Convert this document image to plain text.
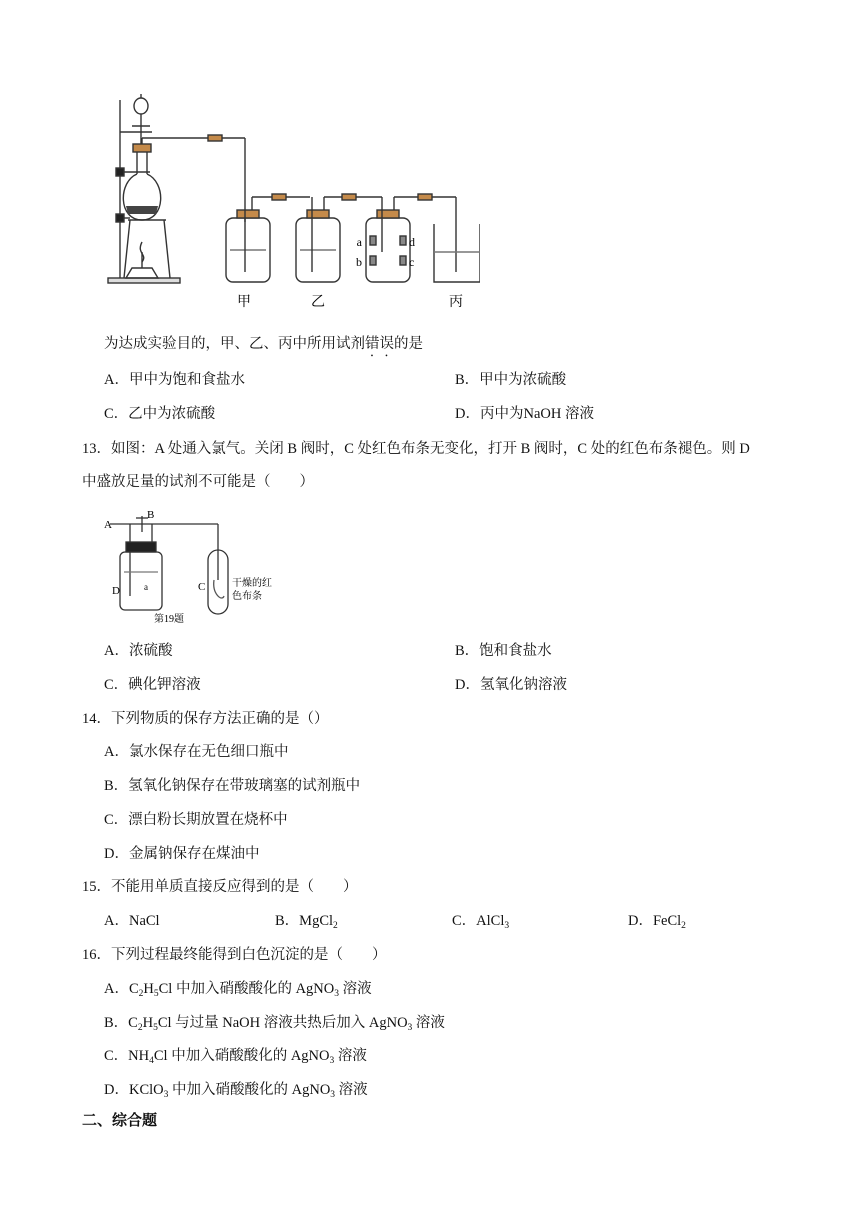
甲	乙	丙
a
b	c
d
为达成实验目的，甲、乙、丙中所用试剂错误的是
A．甲中为饱和食盐水	B．甲中为浓硫酸
C．乙中为浓硫酸	D．丙中为NaOH 溶液
13．如图：A 处通入氯气。关闭 B 阀时，C 处红色布条无变化，打开 B 阀时，C 处的红色布条褪色。则 D
中盛放足量的试剂不可能是（　　）
A
B
C
D	a	干燥的红
色布条
第19题
A．浓硫酸	B．饱和食盐水
C．碘化钾溶液	D．氢氧化钠溶液
14．下列物质的保存方法正确的是（）
A．氯水保存在无色细口瓶中
B．氢氧化钠保存在带玻璃塞的试剂瓶中
C．漂白粉长期放置在烧杯中
D．金属钠保存在煤油中
15．不能用单质直接反应得到的是（　　）
A．NaCl	B．MgCl$_2$	C．AlCl$_3$	D．FeCl$_2$
16．下列过程最终能得到白色沉淀的是（　　）
A．$C_2H_5Cl$ 中加入硝酸酸化的 AgNO$_3$ 溶液
B．$C_2H_5Cl$ 与过量 NaOH 溶液共热后加入 AgNO$_3$ 溶液
C．$NH_4Cl$ 中加入硝酸酸化的 AgNO$_3$ 溶液
D．KClO$_3$ 中加入硝酸酸化的 AgNO$_3$ 溶液
二、综合题
